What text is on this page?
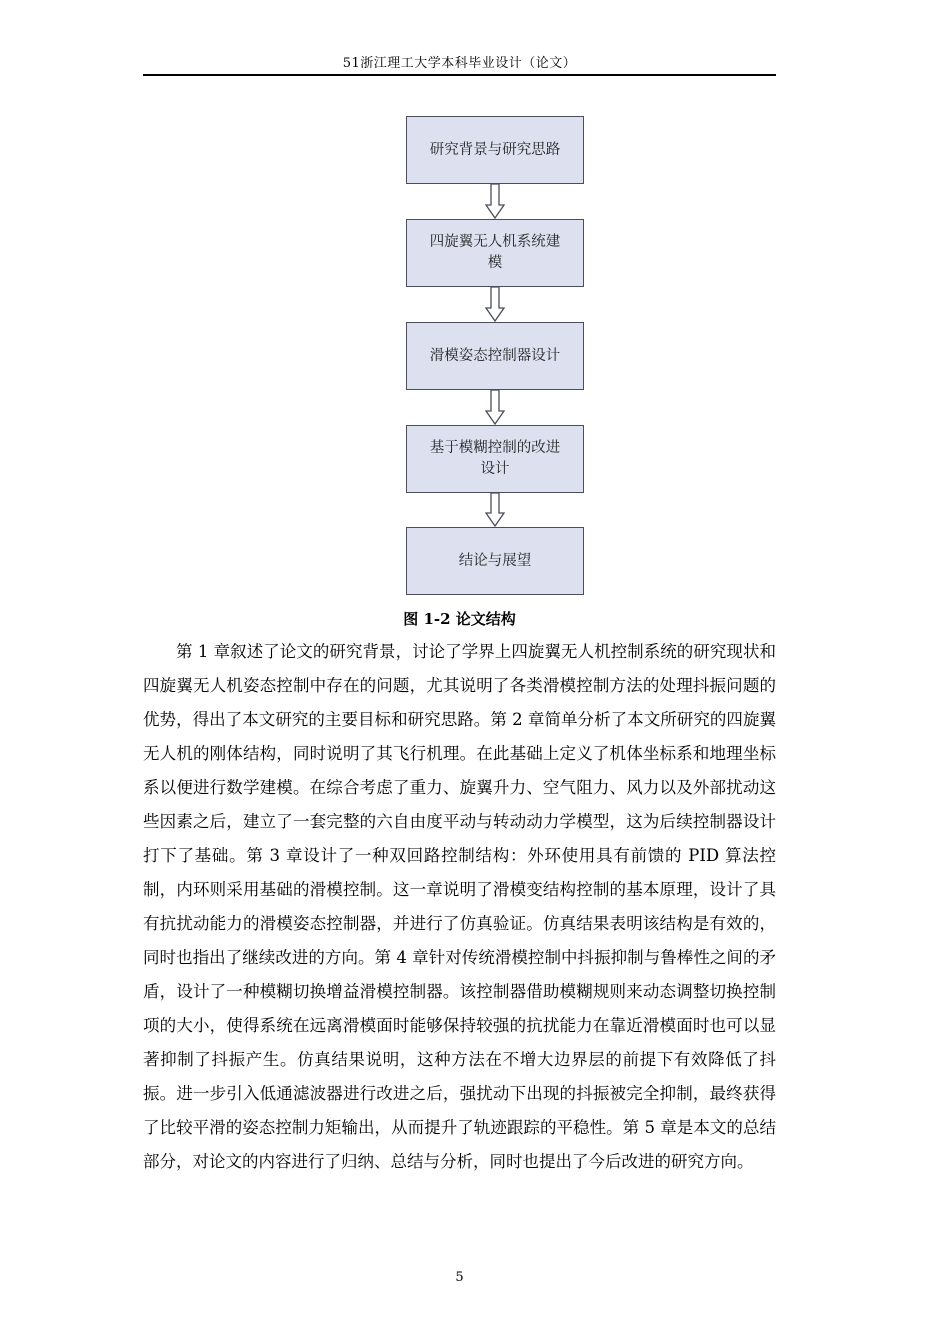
51浙江理工大学本科毕业设计（论文）
研究背景与研究思路
四旋翼无人机系统建模
滑模姿态控制器设计
基于模糊控制的改进设计
结论与展望
图 1-2 论文结构

第 1 章叙述了论文的研究背景，讨论了学界上四旋翼无人机控制系统的研究现状和四旋翼无人机姿态控制中存在的问题，尤其说明了各类滑模控制方法的处理抖振问题的优势，得出了本文研究的主要目标和研究思路。第 2 章简单分析了本文所研究的四旋翼无人机的刚体结构，同时说明了其飞行机理。在此基础上定义了机体坐标系和地理坐标系以便进行数学建模。在综合考虑了重力、旋翼升力、空气阻力、风力以及外部扰动这些因素之后，建立了一套完整的六自由度平动与转动动力学模型，这为后续控制器设计打下了基础。第 3 章设计了一种双回路控制结构：外环使用具有前馈的 PID 算法控制，内环则采用基础的滑模控制。这一章说明了滑模变结构控制的基本原理，设计了具有抗扰动能力的滑模姿态控制器，并进行了仿真验证。仿真结果表明该结构是有效的，同时也指出了继续改进的方向。第 4 章针对传统滑模控制中抖振抑制与鲁棒性之间的矛盾，设计了一种模糊切换增益滑模控制器。该控制器借助模糊规则来动态调整切换控制项的大小，使得系统在远离滑模面时能够保持较强的抗扰能力在靠近滑模面时也可以显著抑制了抖振产生。仿真结果说明，这种方法在不增大边界层的前提下有效降低了抖振。进一步引入低通滤波器进行改进之后，强扰动下出现的抖振被完全抑制，最终获得了比较平滑的姿态控制力矩输出，从而提升了轨迹跟踪的平稳性。第 5 章是本文的总结部分，对论文的内容进行了归纳、总结与分析，同时也提出了今后改进的研究方向。

5
